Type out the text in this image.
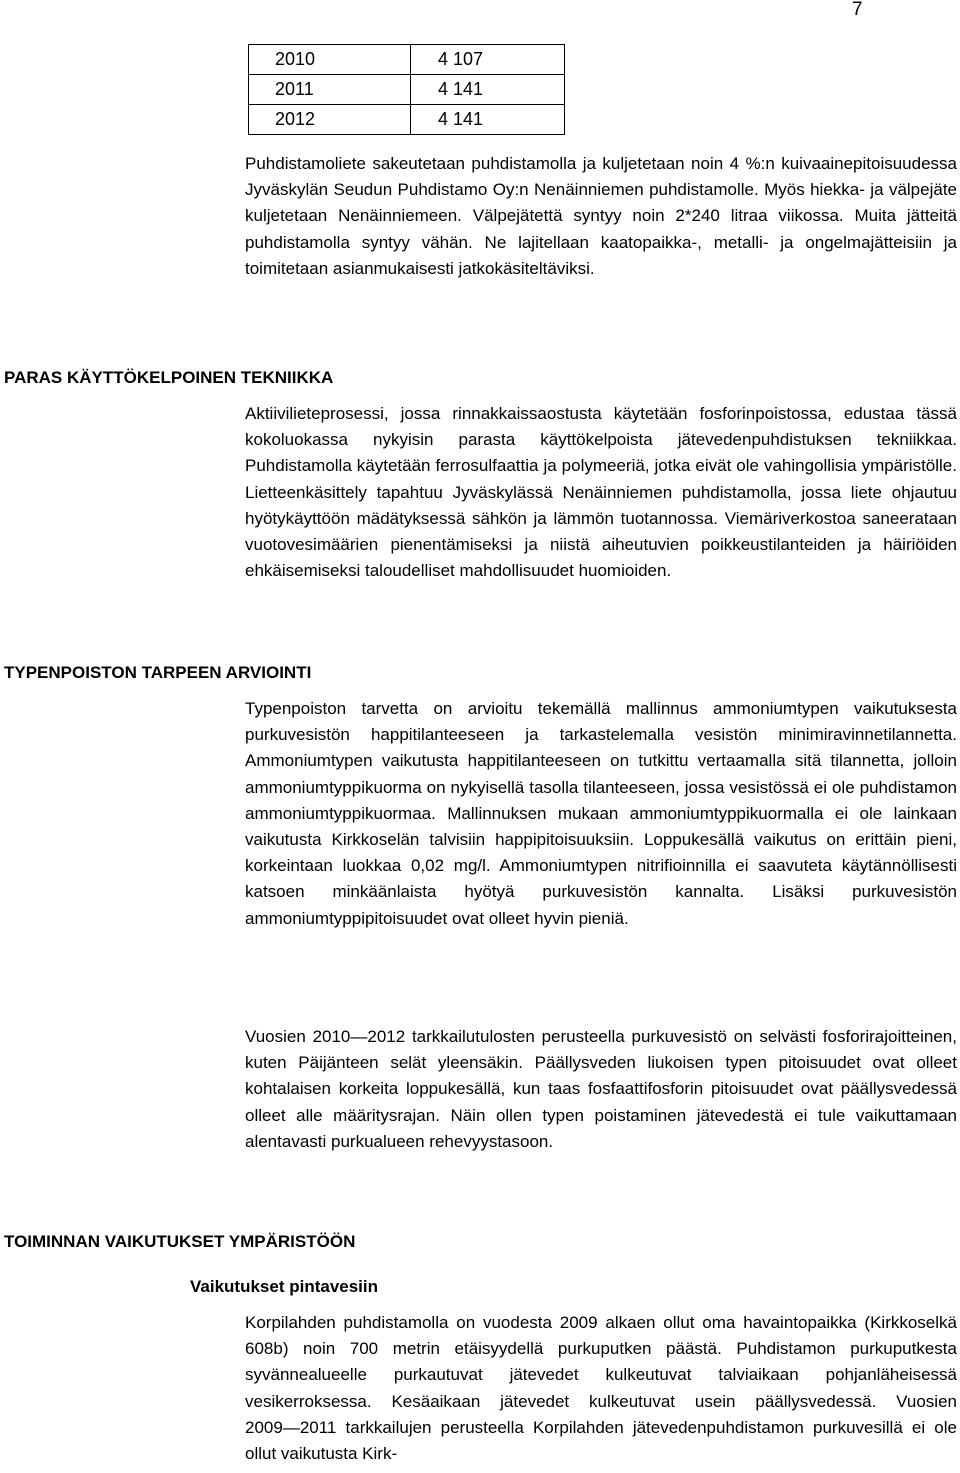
7
2010	4 107
2011	4 141
2012	4 141

Puhdistamoliete sakeutetaan puhdistamolla ja kuljetetaan noin 4 %:n kuivaainepitoisuudessa Jyväskylän Seudun Puhdistamo Oy:n Nenäinniemen puhdistamolle. Myös hiekka- ja välpejäte kuljetetaan Nenäinniemeen. Välpejätettä syntyy noin 2*240 litraa viikossa. Muita jätteitä puhdistamolla syntyy vähän. Ne lajitellaan kaatopaikka-, metalli- ja ongelmajätteisiin ja toimitetaan asianmukaisesti jatkokäsiteltäviksi.

PARAS KÄYTTÖKELPOINEN TEKNIIKKA

Aktiivilieteprosessi, jossa rinnakkaissaostusta käytetään fosforinpoistossa, edustaa tässä kokoluokassa nykyisin parasta käyttökelpoista jätevedenpuhdistuksen tekniikkaa. Puhdistamolla käytetään ferrosulfaattia ja polymeeriä, jotka eivät ole vahingollisia ympäristölle. Lietteenkäsittely tapahtuu Jyväskylässä Nenäinniemen puhdistamolla, jossa liete ohjautuu hyötykäyttöön mädätyksessä sähkön ja lämmön tuotannossa. Viemäriverkostoa saneerataan vuotovesimäärien pienentämiseksi ja niistä aiheutuvien poikkeustilanteiden ja häiriöiden ehkäisemiseksi taloudelliset mahdollisuudet huomioiden.

TYPENPOISTON TARPEEN ARVIOINTI

Typenpoiston tarvetta on arvioitu tekemällä mallinnus ammoniumtypen vaikutuksesta purkuvesistön happitilanteeseen ja tarkastelemalla vesistön minimiravinnetilannetta. Ammoniumtypen vaikutusta happitilanteeseen on tutkittu vertaamalla sitä tilannetta, jolloin ammoniumtyppikuorma on nykyisellä tasolla tilanteeseen, jossa vesistössä ei ole puhdistamon ammoniumtyppikuormaa. Mallinnuksen mukaan ammoniumtyppikuormalla ei ole lainkaan vaikutusta Kirkkoselän talvisiin happipitoisuuksiin. Loppukesällä vaikutus on erittäin pieni, korkeintaan luokkaa 0,02 mg/l. Ammoniumtypen nitrifioinnilla ei saavuteta käytännöllisesti katsoen minkäänlaista hyötyä purkuvesistön kannalta. Lisäksi purkuvesistön ammoniumtyppipitoisuudet ovat olleet hyvin pieniä.

Vuosien 2010―2012 tarkkailutulosten perusteella purkuvesistö on selvästi fosforirajoitteinen, kuten Päijänteen selät yleensäkin. Päällysveden liukoisen typen pitoisuudet ovat olleet kohtalaisen korkeita loppukesällä, kun taas fosfaattifosforin pitoisuudet ovat päällysvedessä olleet alle määritysrajan. Näin ollen typen poistaminen jätevedestä ei tule vaikuttamaan alentavasti purkualueen rehevyystasoon.

TOIMINNAN VAIKUTUKSET YMPÄRISTÖÖN
Vaikutukset pintavesiin

Korpilahden puhdistamolla on vuodesta 2009 alkaen ollut oma havaintopaikka (Kirkkoselkä 608b) noin 700 metrin etäisyydellä purkuputken päästä. Puhdistamon purkuputkesta syvännealueelle purkautuvat jätevedet kulkeutuvat talviaikaan pohjanläheisessä vesikerroksessa. Kesäaikaan jätevedet kulkeutuvat usein päällysvedessä. Vuosien 2009―2011 tarkkailujen perusteella Korpilahden jätevedenpuhdistamon purkuvesillä ei ole ollut vaikutusta Kirk-
